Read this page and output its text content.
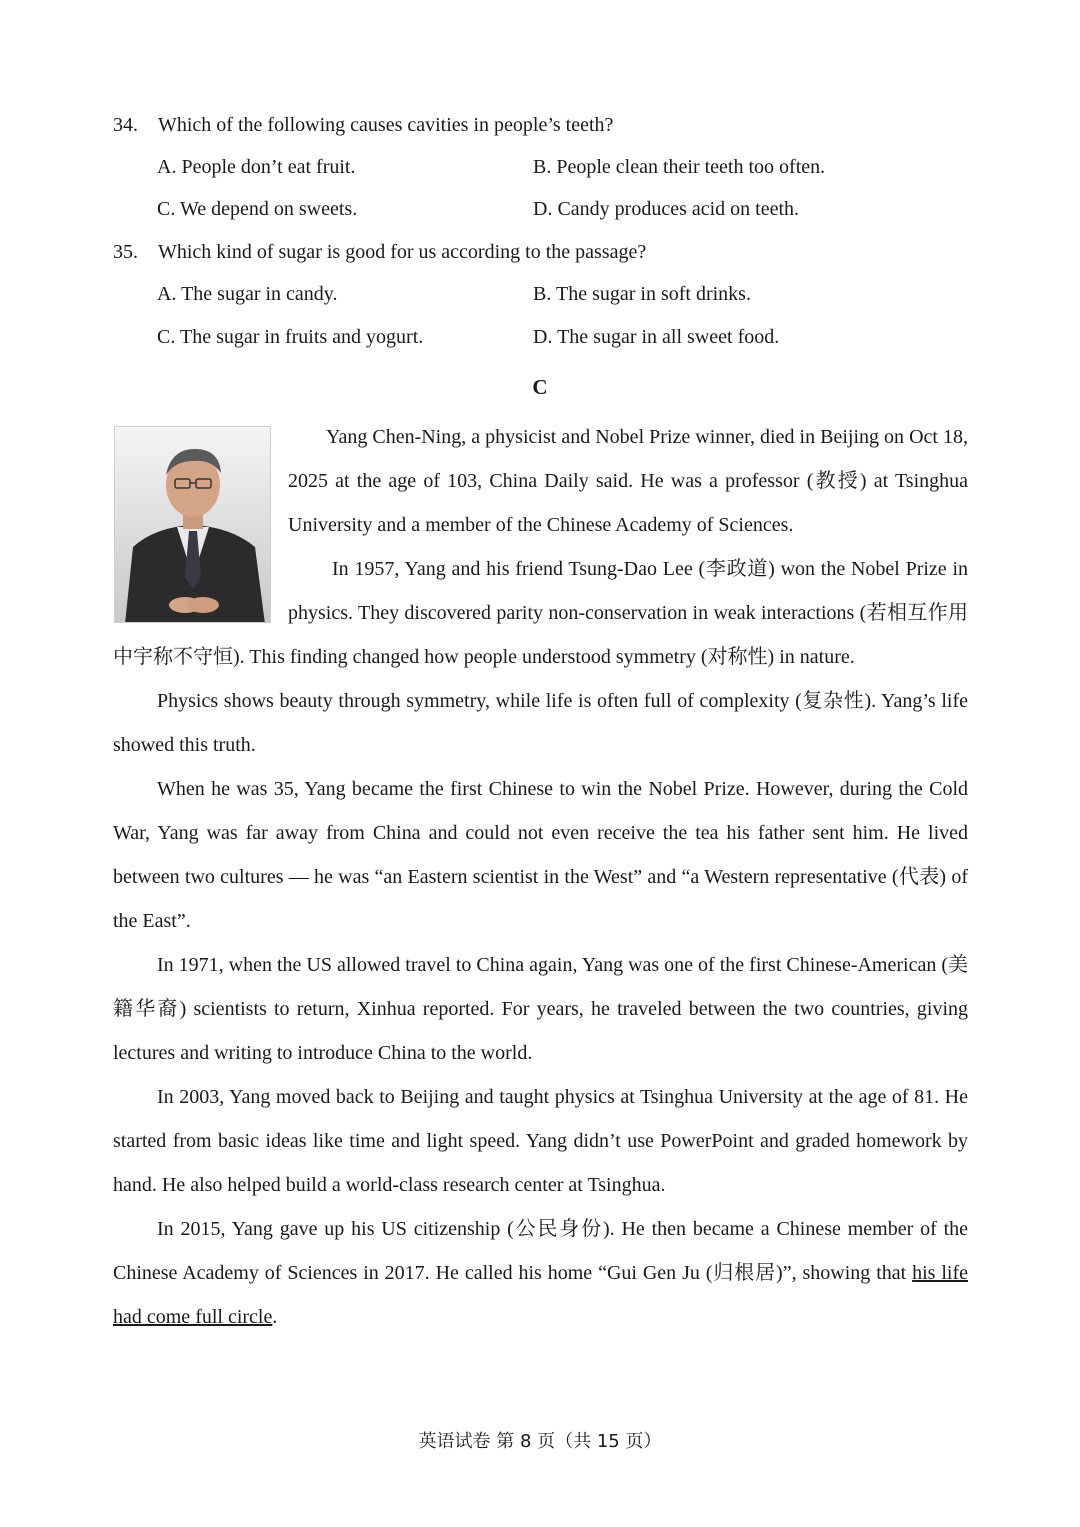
34. Which of the following causes cavities in people’s teeth?
A. People don’t eat fruit.	B. People clean their teeth too often.
C. We depend on sweets.	D. Candy produces acid on teeth.
35. Which kind of sugar is good for us according to the passage?
A. The sugar in candy.	B. The sugar in soft drinks.
C. The sugar in fruits and yogurt.	D. The sugar in all sweet food.
C

Yang Chen-Ning, a physicist and Nobel Prize winner, died in Beijing on Oct 18, 2025 at the age of 103, China Daily said. He was a professor (教授) at Tsinghua University and a member of the Chinese Academy of Sciences.

In 1957, Yang and his friend Tsung-Dao Lee (李政道) won the Nobel Prize in physics. They discovered parity non-conservation in weak interactions (若相互作用中宇称不守恒). This finding changed how people understood symmetry (对称性) in nature.

Physics shows beauty through symmetry, while life is often full of complexity (复杂性). Yang’s life showed this truth.

When he was 35, Yang became the first Chinese to win the Nobel Prize. However, during the Cold War, Yang was far away from China and could not even receive the tea his father sent him. He lived between two cultures — he was “an Eastern scientist in the West” and “a Western representative (代表) of the East”.

In 1971, when the US allowed travel to China again, Yang was one of the first Chinese-American (美籍华裔) scientists to return, Xinhua reported. For years, he traveled between the two countries, giving lectures and writing to introduce China to the world.

In 2003, Yang moved back to Beijing and taught physics at Tsinghua University at the age of 81. He started from basic ideas like time and light speed. Yang didn’t use PowerPoint and graded homework by hand. He also helped build a world-class research center at Tsinghua.

In 2015, Yang gave up his US citizenship (公民身份). He then became a Chinese member of the Chinese Academy of Sciences in 2017. He called his home “Gui Gen Ju (归根居)”, showing that his life had come full circle.

英语试卷 第 8 页（共 15 页）
